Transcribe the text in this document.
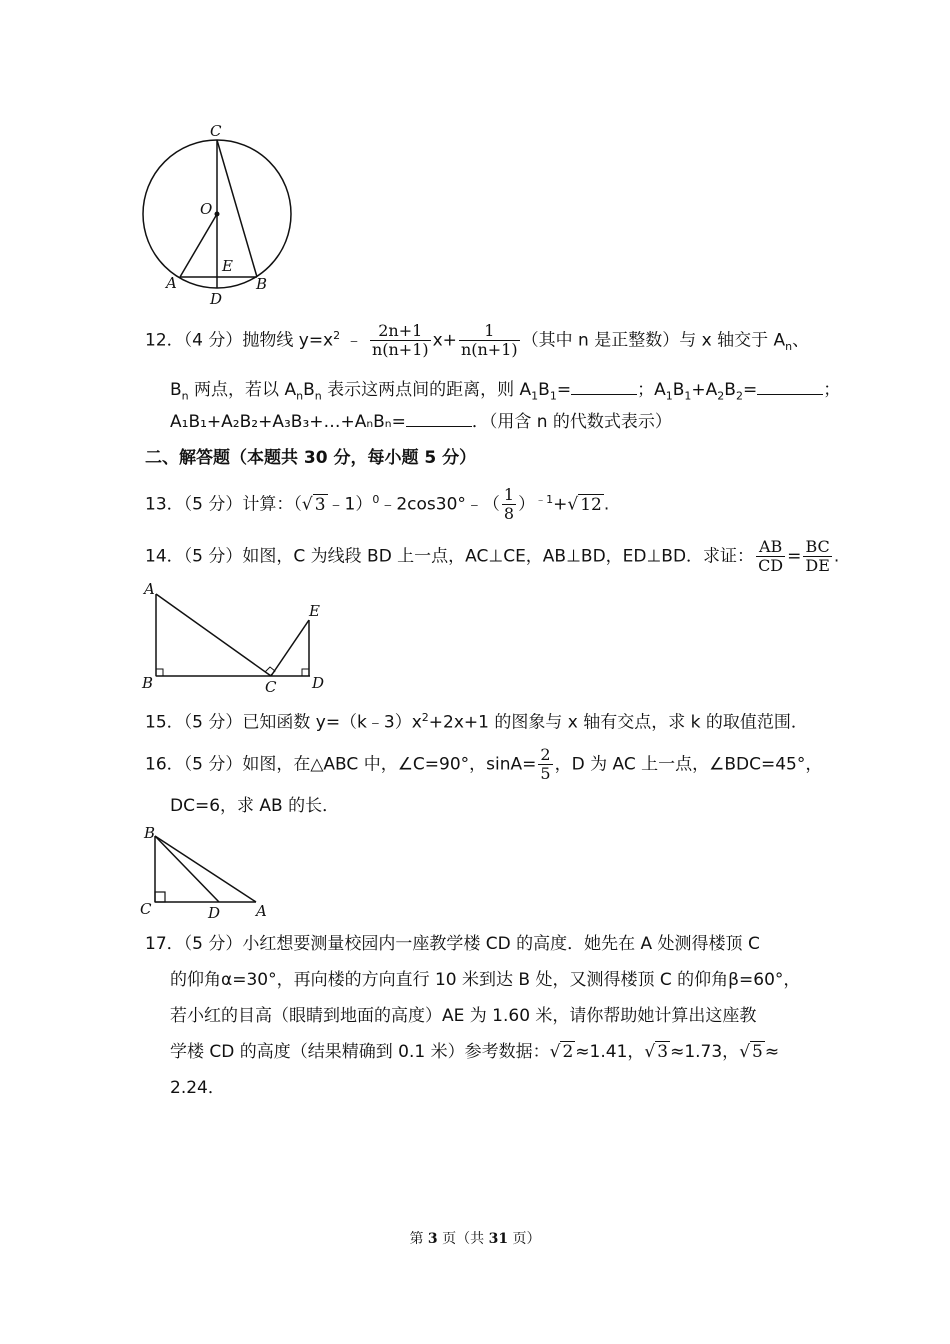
C
O
E
A
D
B
12．（4 分）抛物线 $y=x^2$ ﹣ $\frac{2n+1}{n(n+1)} x+ \frac{1}{n(n+1)}$ （其中 n 是正整数）与 x 轴交于 $A_n$、
$B_n$ 两点，若以 $A_nB_n$ 表示这两点间的距离，则 $A_1B_1=$	；$A_1B_1+A_2B_2=$	；
A₁B₁+A₂B₂+A₃B₃+…+AₙBₙ=	．（用含 n 的代数式表示）
二、解答题（本题共 30 分，每小题 5 分）
13．（5 分）计算：（√ 3 ﹣1）$^0$﹣2cos30°﹣（ $\frac{1}{8} )^{﹣1}+√$ 12 .
14．（5 分）如图，C 为线段 BD 上一点，AC⊥CE，AB⊥BD，ED⊥BD．求证： $\frac{AB}{CD} = \frac{BC}{DE}$ .
A
B	C D
E
15．（5 分）已知函数 $y=(k﹣3)x^2+2x+1$ 的图象与 x 轴有交点，求 k 的取值范围．
16．（5 分）如图，在△ABC 中，∠C=90°，$\sin A= \frac{2}{5}$ ，D 为 AC 上一点，∠BDC=45°，
DC=6，求 AB 的长．
B
C	D A
17．（5 分）小红想要测量校园内一座教学楼 CD 的高度．她先在 A 处测得楼顶 C
的仰角α=30°，再向楼的方向直行 10 米到达 B 处，又测得楼顶 C 的仰角β=60°，
若小红的目高（眼睛到地面的高度）AE 为 1.60 米，请你帮助她计算出这座教
学楼 CD 的高度（结果精确到 0.1 米）参考数据：√ 2 ≈1.41，√ 3 ≈1.73，√ 5 ≈
2.24．
第 3 页（共 31 页）
